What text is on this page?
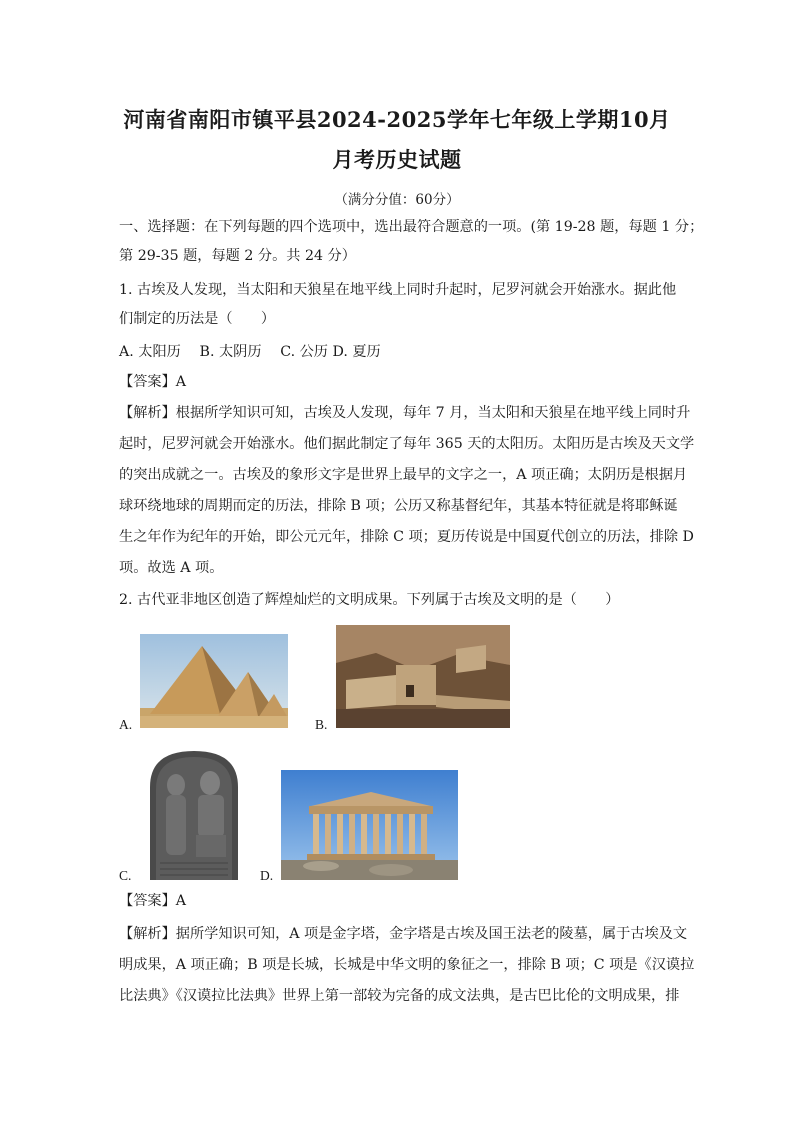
河南省南阳市镇平县2024-2025学年七年级上学期10月
月考历史试题
（满分分值：60分）
一、选择题：在下列每题的四个选项中，选出最符合题意的一项。(第 19-28 题，每题 1 分；
第 29-35 题，每题 2 分。共 24 分）
1. 古埃及人发现，当太阳和天狼星在地平线上同时升起时，尼罗河就会开始涨水。据此他
们制定的历法是（　　）
A. 太阳历　 B. 太阴历　 C. 公历 D. 夏历
【答案】A
【解析】根据所学知识可知，古埃及人发现，每年 7 月，当太阳和天狼星在地平线上同时升
起时，尼罗河就会开始涨水。他们据此制定了每年 365 天的太阳历。太阳历是古埃及天文学
的突出成就之一。古埃及的象形文字是世界上最早的文字之一，A 项正确；太阴历是根据月
球环绕地球的周期而定的历法，排除 B 项；公历又称基督纪年，其基本特征就是将耶稣诞
生之年作为纪年的开始，即公元元年，排除 C 项；夏历传说是中国夏代创立的历法，排除 D
项。故选 A 项。
2. 古代亚非地区创造了辉煌灿烂的文明成果。下列属于古埃及文明的是（　　）
A.	B.
C.	D.
【答案】A
【解析】据所学知识可知，A 项是金字塔，金字塔是古埃及国王法老的陵墓，属于古埃及文
明成果，A 项正确；B 项是长城，长城是中华文明的象征之一，排除 B 项；C 项是《汉谟拉
比法典》《汉谟拉比法典》世界上第一部较为完备的成文法典，是古巴比伦的文明成果，排
